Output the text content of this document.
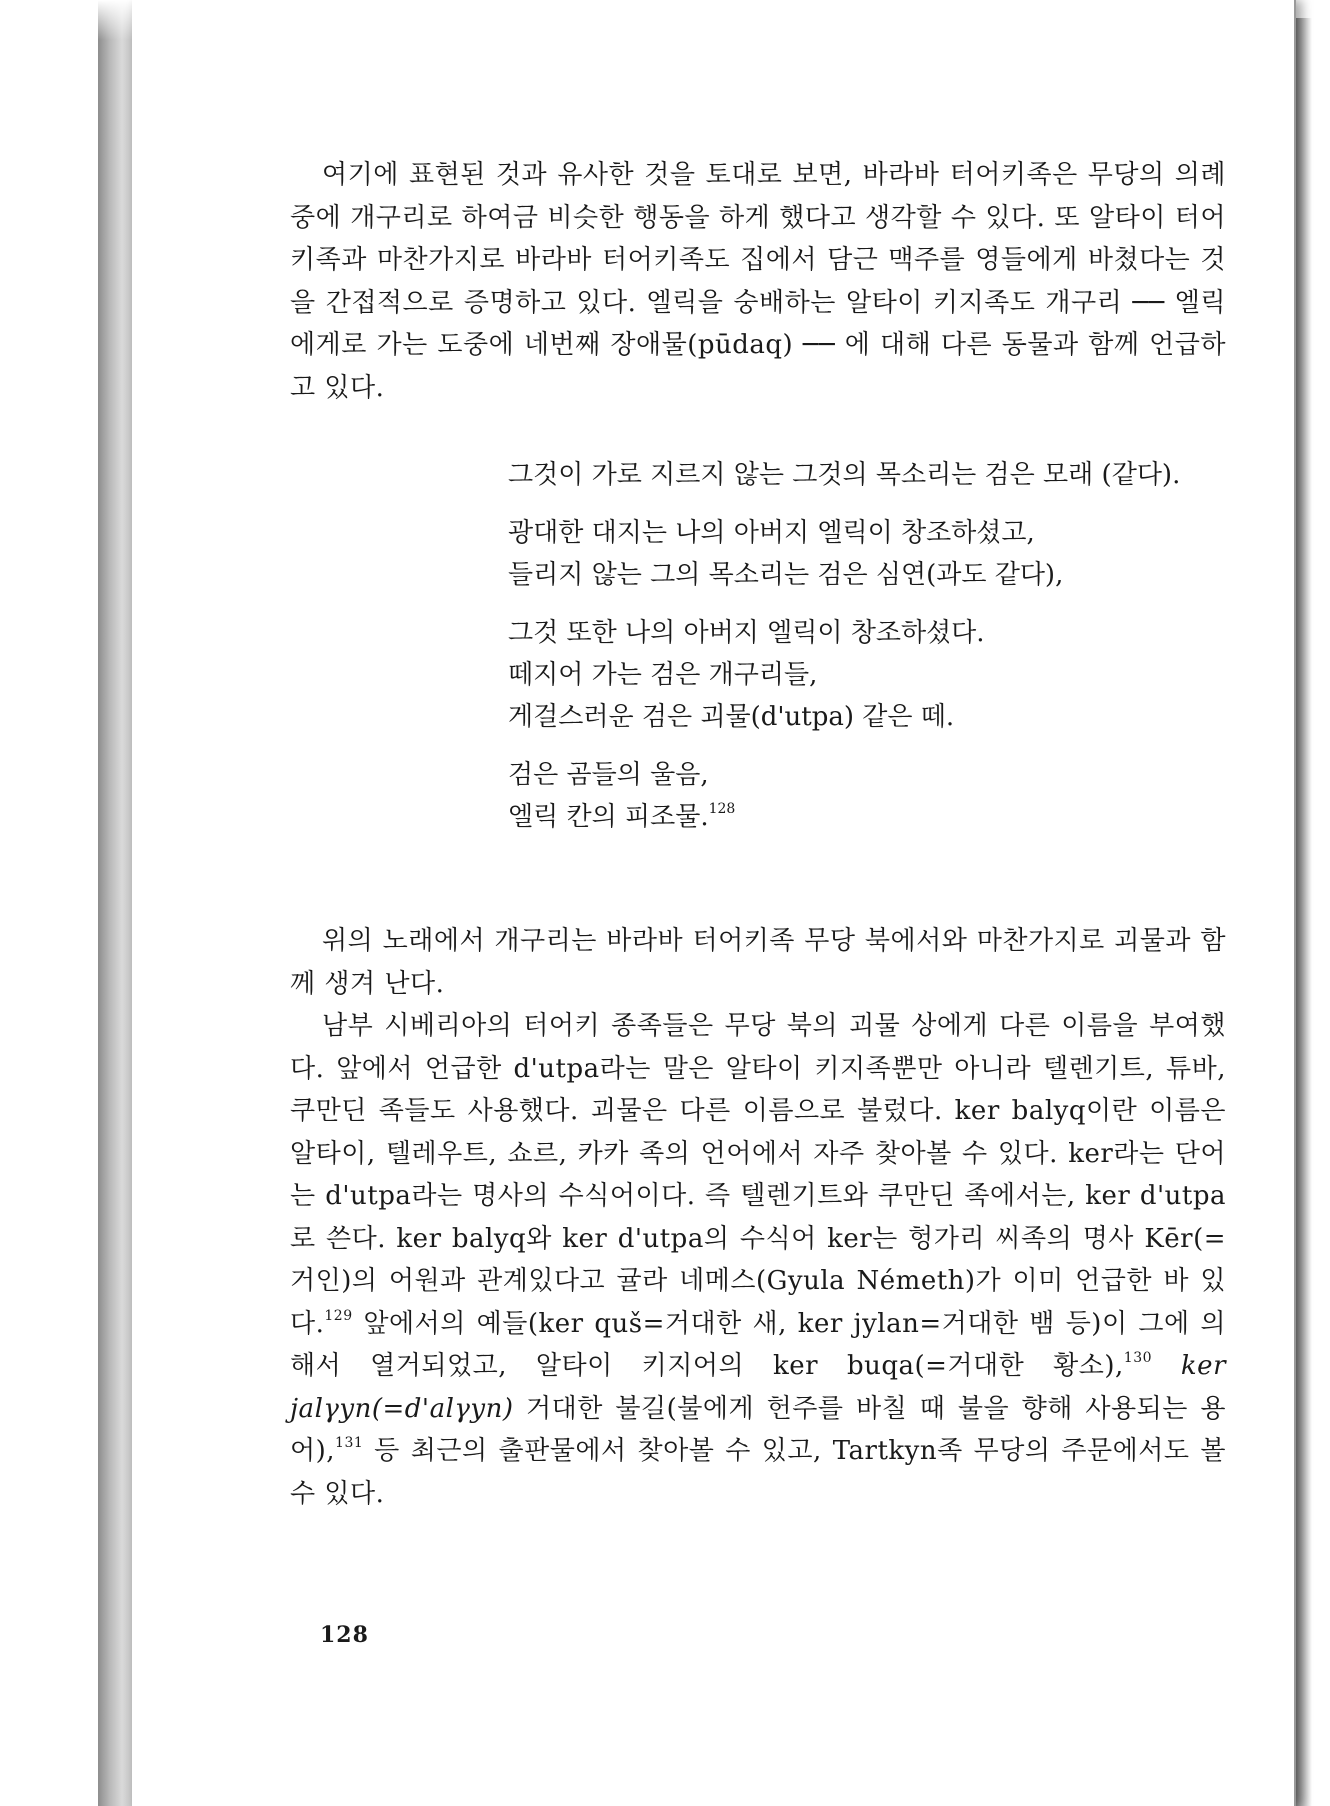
여기에 표현된 것과 유사한 것을 토대로 보면, 바라바 터어키족은 무당의 의례중에 개구리로 하여금 비슷한 행동을 하게 했다고 생각할 수 있다. 또 알타이 터어키족과 마찬가지로 바라바 터어키족도 집에서 담근 맥주를 영들에게 바쳤다는 것을 간접적으로 증명하고 있다. 엘릭을 숭배하는 알타이 키지족도 개구리 ── 엘릭에게로 가는 도중에 네번째 장애물(pūdaq) ── 에 대해 다른 동물과 함께 언급하고 있다.

그것이 가로 지르지 않는 그것의 목소리는 검은 모래 (같다).

광대한 대지는 나의 아버지 엘릭이 창조하셨고,

들리지 않는 그의 목소리는 검은 심연(과도 같다),

그것 또한 나의 아버지 엘릭이 창조하셨다.

떼지어 가는 검은 개구리들,

게걸스러운 검은 괴물(d'utpa) 같은 떼.

검은 곰들의 울음,

엘릭 칸의 피조물.$^{128}$

위의 노래에서 개구리는 바라바 터어키족 무당 북에서와 마찬가지로 괴물과 함께 생겨 난다.

남부 시베리아의 터어키 종족들은 무당 북의 괴물 상에게 다른 이름을 부여했다. 앞에서 언급한 d'utpa라는 말은 알타이 키지족뿐만 아니라 텔렌기트, 튜바, 쿠만딘 족들도 사용했다. 괴물은 다른 이름으로 불렀다. ker balyq이란 이름은 알타이, 텔레우트, 쇼르, 카카 족의 언어에서 자주 찾아볼 수 있다. ker라는 단어는 d'utpa라는 명사의 수식어이다. 즉 텔렌기트와 쿠만딘 족에서는, ker d'utpa로 쓴다. ker balyq와 ker d'utpa의 수식어 ker는 헝가리 씨족의 명사 Kēr(=거인)의 어원과 관계있다고 귤라 네메스(Gyula Németh)가 이미 언급한 바 있다.$^{129}$ 앞에서의 예들(ker quš=거대한 새, ker jylan=거대한 뱀 등)이 그에 의해서 열거되었고, 알타이 키지어의 ker buqa(=거대한 황소),$^{130}$ ker jalγyn(=d'alγyn) 거대한 불길(불에게 헌주를 바칠 때 불을 향해 사용되는 용어),$^{131}$ 등 최근의 출판물에서 찾아볼 수 있고, Tartkyn족 무당의 주문에서도 볼 수 있다.

128
